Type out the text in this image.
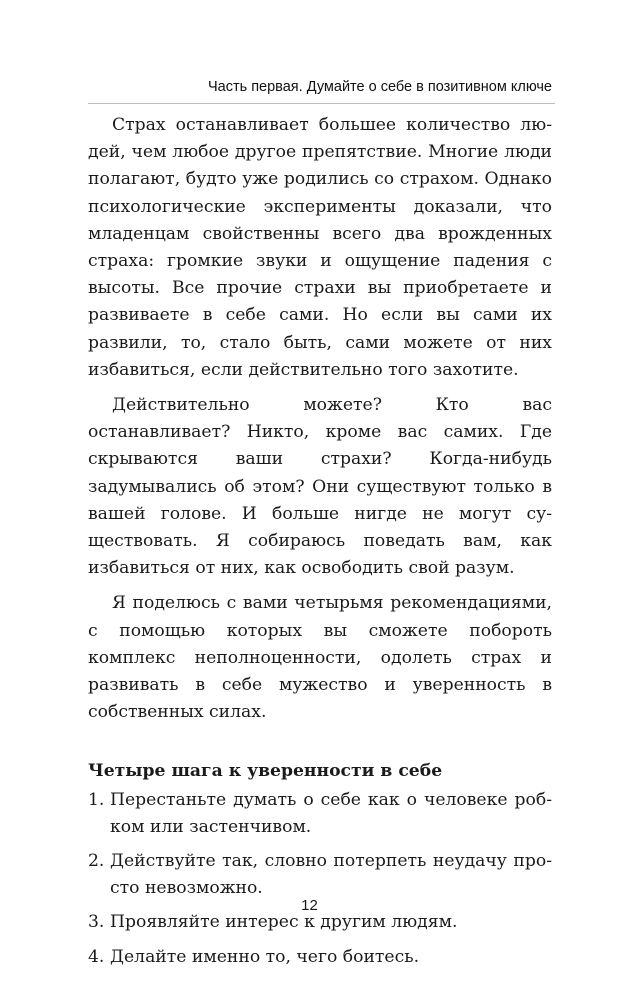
Часть первая. Думайте о себе в позитивном ключе

Страх останавливает большее количество людей, чем любое другое препятствие. Многие люди полагают, будто уже родились со страхом. Однако психологические эксперименты доказали, что младенцам свойственны всего два врожденных страха: громкие звуки и ощущение падения с высоты. Все прочие страхи вы приобретаете и развиваете в себе сами. Но если вы сами их развили, то, стало быть, сами можете от них избавиться, если действительно того захотите.

Действительно можете? Кто вас останавливает? Никто, кроме вас самих. Где скрываются ваши страхи? Когда-нибудь задумывались об этом? Они существуют только в вашей голове. И больше нигде не могут существовать. Я собираюсь поведать вам, как избавиться от них, как освободить свой разум.

Я поделюсь с вами четырьмя рекомендациями, с помощью которых вы сможете побороть комплекс неполноценности, одолеть страх и развивать в себе мужество и уверенность в собственных силах.

Четыре шага к уверенности в себе
1. Перестаньте думать о себе как о человеке робком или застенчивом.
2. Действуйте так, словно потерпеть неудачу просто невозможно.
3. Проявляйте интерес к другим людям.
4. Делайте именно то, чего боитесь.
12
